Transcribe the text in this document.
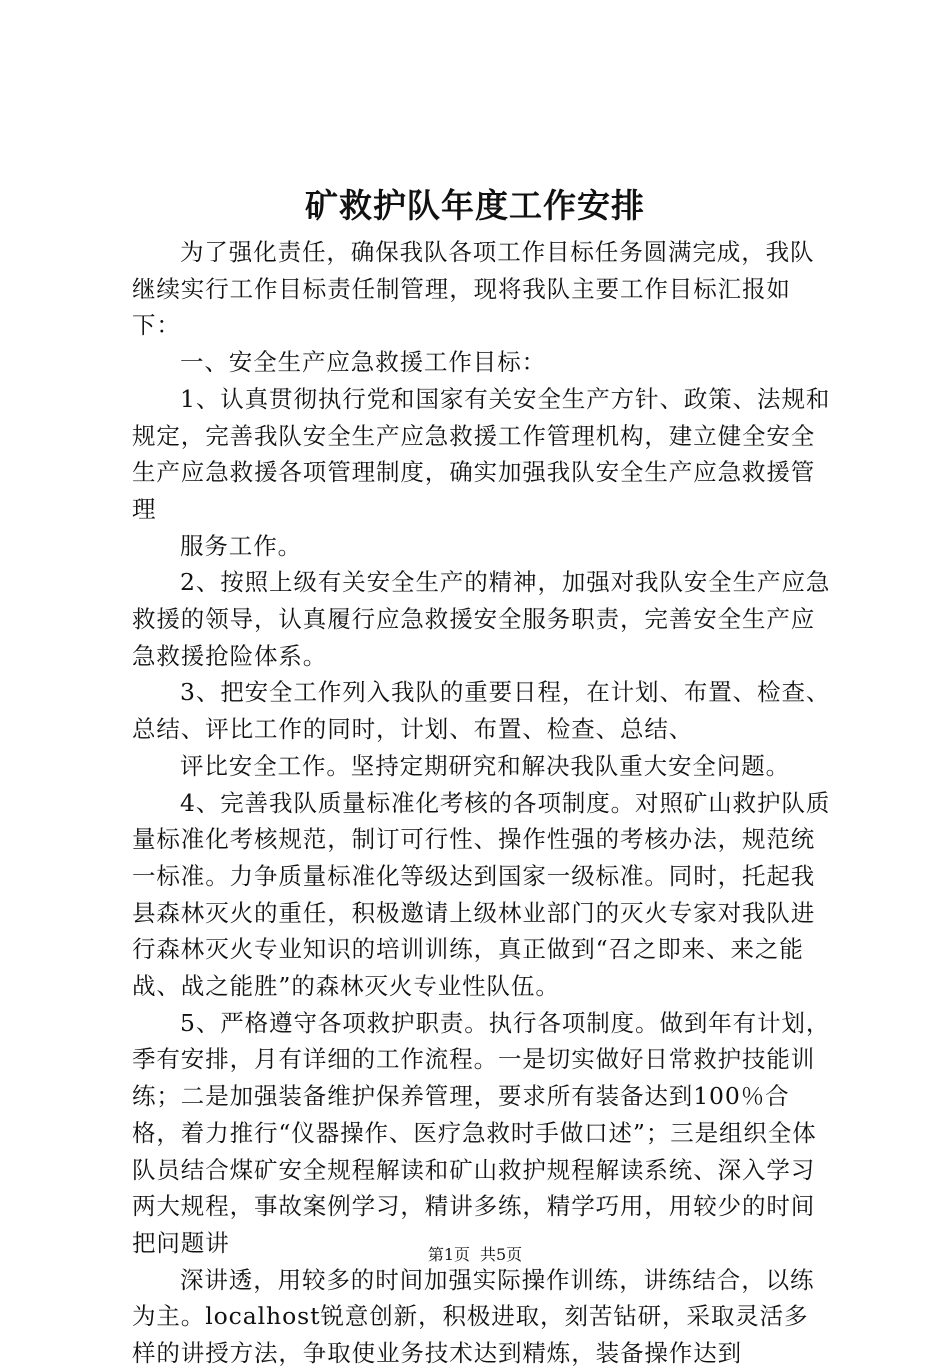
矿救护队年度工作安排

为了强化责任，确保我队各项工作目标任务圆满完成，我队继续实行工作目标责任制管理，现将我队主要工作目标汇报如下：

一、安全生产应急救援工作目标：

1、认真贯彻执行党和国家有关安全生产方针、政策、法规和规定，完善我队安全生产应急救援工作管理机构，建立健全安全生产应急救援各项管理制度，确实加强我队安全生产应急救援管理

服务工作。

2、按照上级有关安全生产的精神，加强对我队安全生产应急救援的领导，认真履行应急救援安全服务职责，完善安全生产应急救援抢险体系。

3、把安全工作列入我队的重要日程，在计划、布置、检查、总结、评比工作的同时，计划、布置、检查、总结、

评比安全工作。坚持定期研究和解决我队重大安全问题。

4、完善我队质量标准化考核的各项制度。对照矿山救护队质量标准化考核规范，制订可行性、操作性强的考核办法，规范统一标准。力争质量标准化等级达到国家一级标准。同时，托起我县森林灭火的重任，积极邀请上级林业部门的灭火专家对我队进行森林灭火专业知识的培训训练，真正做到“召之即来、来之能战、战之能胜”的森林灭火专业性队伍。

5、严格遵守各项救护职责。执行各项制度。做到年有计划，季有安排，月有详细的工作流程。一是切实做好日常救护技能训练；二是加强装备维护保养管理，要求所有装备达到100％合格，着力推行“仪器操作、医疗急救时手做口述”；三是组织全体队员结合煤矿安全规程解读和矿山救护规程解读系统、深入学习两大规程，事故案例学习，精讲多练，精学巧用，用较少的时间把问题讲

深讲透，用较多的时间加强实际操作训练，讲练结合，以练为主。localhost锐意创新，积极进取，刻苦钻研，采取灵活多样的讲授方法，争取使业务技术达到精炼，装备操作达到

第1页 共5页
